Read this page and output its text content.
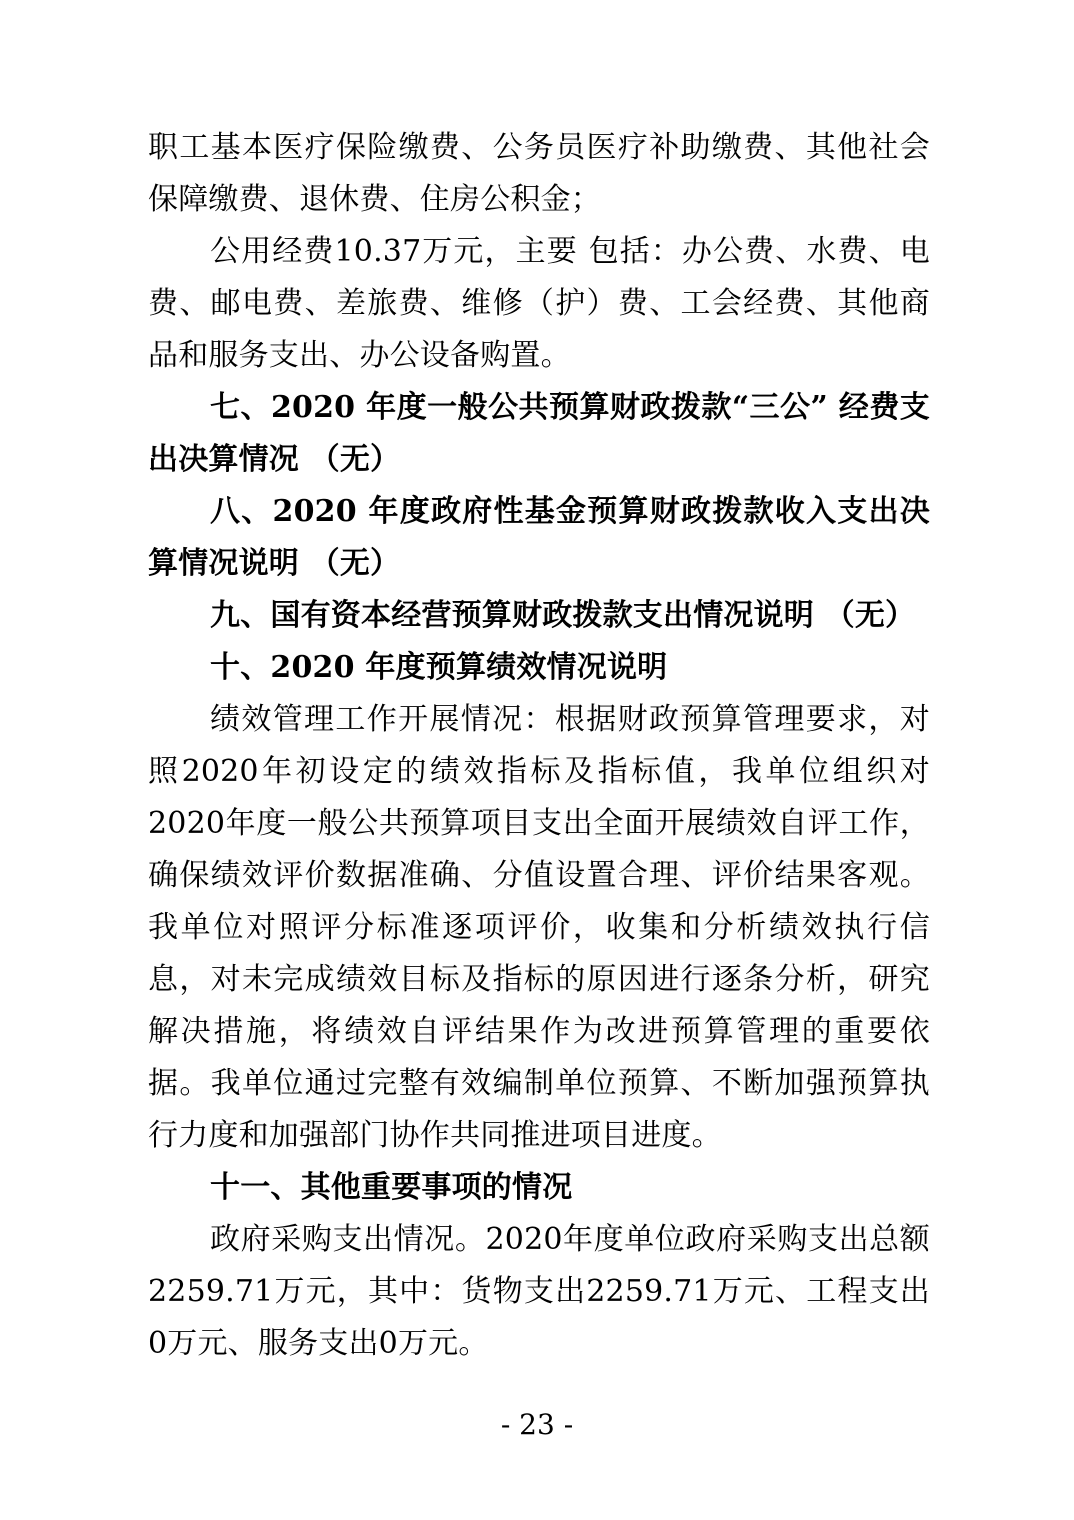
职工基本医疗保险缴费、公务员医疗补助缴费、其他社会保障缴费、退休费、住房公积金；

公用经费10.37万元，主要 包括：办公费、水费、电费、邮电费、差旅费、维修（护）费、工会经费、其他商品和服务支出、办公设备购置。

七、2020 年度一般公共预算财政拨款“三公” 经费支出决算情况 （无）

八、2020 年度政府性基金预算财政拨款收入支出决算情况说明 （无）

九、国有资本经营预算财政拨款支出情况说明 （无）

十、2020 年度预算绩效情况说明

绩效管理工作开展情况：根据财政预算管理要求，对照2020年初设定的绩效指标及指标值，我单位组织对2020年度一般公共预算项目支出全面开展绩效自评工作，确保绩效评价数据准确、分值设置合理、评价结果客观。我单位对照评分标准逐项评价，收集和分析绩效执行信息，对未完成绩效目标及指标的原因进行逐条分析，研究解决措施，将绩效自评结果作为改进预算管理的重要依据。我单位通过完整有效编制单位预算、不断加强预算执行力度和加强部门协作共同推进项目进度。

十一、其他重要事项的情况

政府采购支出情况。2020年度单位政府采购支出总额2259.71万元，其中：货物支出2259.71万元、工程支出0万元、服务支出0万元。

- 23 -
